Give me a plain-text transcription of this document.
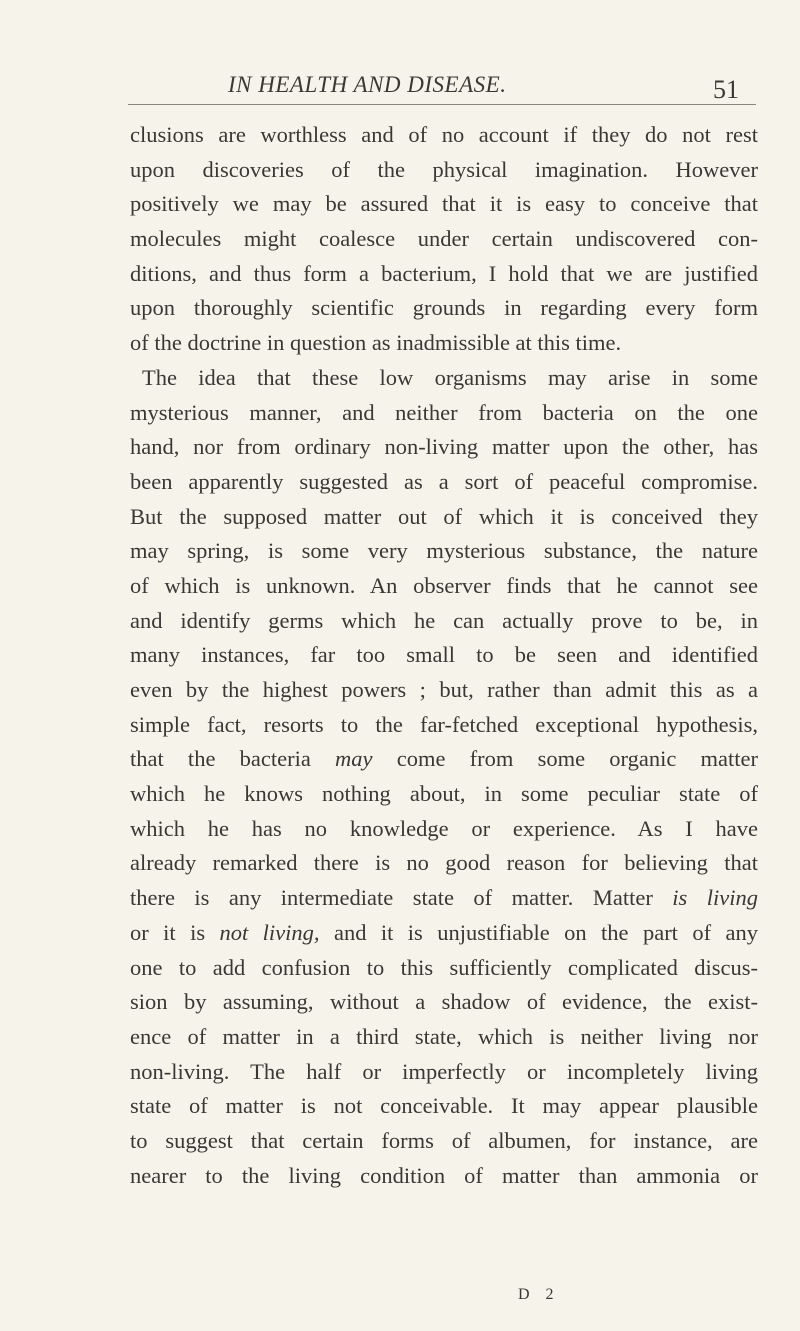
IN HEALTH AND DISEASE.	51
clusions are worthless and of no account if they do not rest
upon discoveries of the physical imagination. However
positively we may be assured that it is easy to conceive that
molecules might coalesce under certain undiscovered con-
ditions, and thus form a bacterium, I hold that we are justified
upon thoroughly scientific grounds in regarding every form
of the doctrine in question as inadmissible at this time.
The idea that these low organisms may arise in some
mysterious manner, and neither from bacteria on the one
hand, nor from ordinary non-living matter upon the other, has
been apparently suggested as a sort of peaceful compromise.
But the supposed matter out of which it is conceived they
may spring, is some very mysterious substance, the nature
of which is unknown. An observer finds that he cannot see
and identify germs which he can actually prove to be, in
many instances, far too small to be seen and identified
even by the highest powers ; but, rather than admit this as a
simple fact, resorts to the far-fetched exceptional hypothesis,
that the bacteria may come from some organic matter
which he knows nothing about, in some peculiar state of
which he has no knowledge or experience. As I have
already remarked there is no good reason for believing that
there is any intermediate state of matter. Matter is living
or it is not living, and it is unjustifiable on the part of any
one to add confusion to this sufficiently complicated discus-
sion by assuming, without a shadow of evidence, the exist-
ence of matter in a third state, which is neither living nor
non-living. The half or imperfectly or incompletely living
state of matter is not conceivable. It may appear plausible
to suggest that certain forms of albumen, for instance, are
nearer to the living condition of matter than ammonia or
D 2
